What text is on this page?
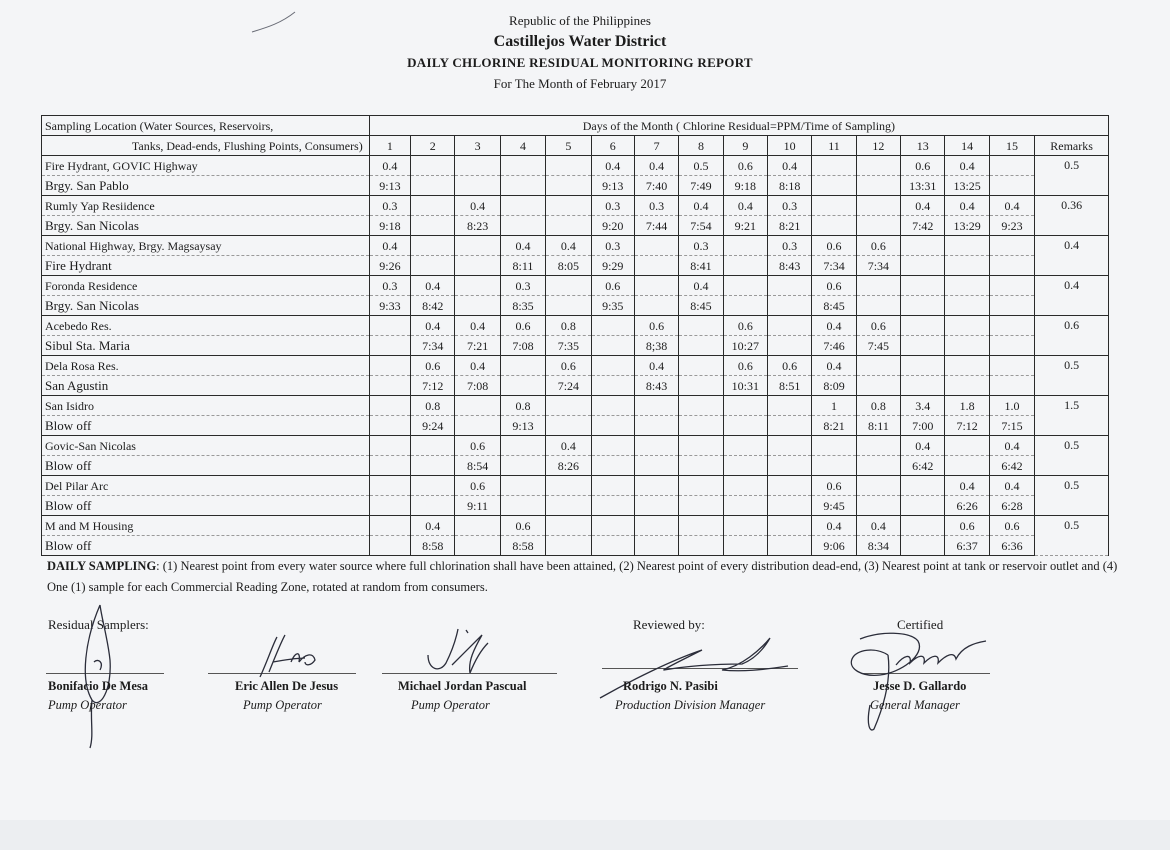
Republic of the Philippines
Castillejos Water District
DAILY CHLORINE RESIDUAL MONITORING REPORT
For The Month of February 2017
Sampling Location (Water Sources, Reservoirs,	Days of the Month ( Chlorine Residual=PPM/Time of Sampling)															
Tanks, Dead-ends, Flushing Points, Consumers)	1	2	3	4	5	6	7	8	9	10	11	12	13	14	15	Remarks
Fire Hydrant, GOVIC Highway	0.4					0.4	0.4	0.5	0.6	0.4			0.6	0.4		0.5
Brgy. San Pablo	9:13					9:13	7:40	7:49	9:18	8:18			13:31	13:25		
Rumly Yap Resiidence	0.3		0.4			0.3	0.3	0.4	0.4	0.3			0.4	0.4	0.4	0.36
Brgy. San Nicolas	9:18		8:23			9:20	7:44	7:54	9:21	8:21			7:42	13:29	9:23	
National Highway, Brgy. Magsaysay	0.4			0.4	0.4	0.3		0.3		0.3	0.6	0.6				0.4
Fire Hydrant	9:26			8:11	8:05	9:29		8:41		8:43	7:34	7:34				
Foronda Residence	0.3	0.4		0.3		0.6		0.4			0.6					0.4
Brgy. San Nicolas	9:33	8:42		8:35		9:35		8:45			8:45					
Acebedo Res.		0.4	0.4	0.6	0.8		0.6		0.6		0.4	0.6				0.6
Sibul Sta. Maria		7:34	7:21	7:08	7:35		8;38		10:27		7:46	7:45				
Dela Rosa Res.		0.6	0.4		0.6		0.4		0.6	0.6	0.4					0.5
San Agustin		7:12	7:08		7:24		8:43		10:31	8:51	8:09					
San Isidro		0.8		0.8							1	0.8	3.4	1.8	1.0	1.5
Blow off		9:24		9:13							8:21	8:11	7:00	7:12	7:15	
Govic-San Nicolas			0.6		0.4								0.4		0.4	0.5
Blow off			8:54		8:26								6:42		6:42	
Del Pilar Arc			0.6								0.6			0.4	0.4	0.5
Blow off			9:11								9:45			6:26	6:28	
M and M Housing		0.4		0.6							0.4	0.4		0.6	0.6	0.5
Blow off		8:58		8:58							9:06	8:34		6:37	6:36	
DAILY SAMPLING: (1) Nearest point from every water source where full chlorination shall have been attained, (2) Nearest point of every distribution dead-end, (3) Nearest point at tank or reservoir outlet and (4) One (1) sample for each Commercial Reading Zone, rotated at random from consumers.
Residual Samplers:	Reviewed by:	Certified
Bonifacio De Mesa
Pump Operator
Eric Allen De Jesus
Pump Operator
Michael Jordan Pascual
Pump Operator
Rodrigo N. Pasibi
Production Division Manager
Jesse D. Gallardo
General Manager
